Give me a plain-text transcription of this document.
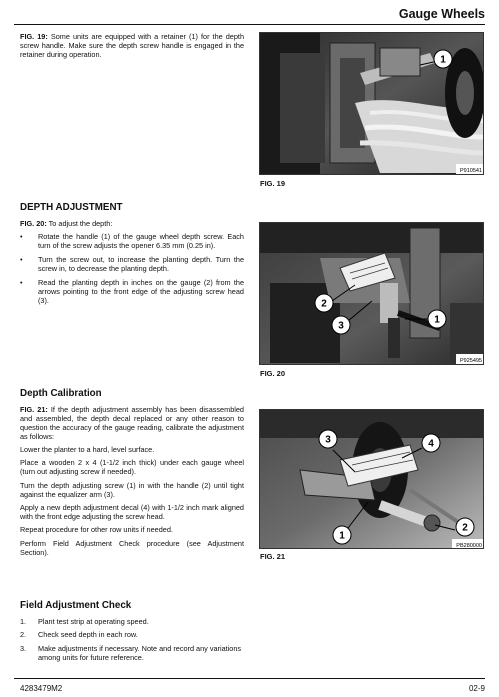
Gauge Wheels

FIG. 19: Some units are equipped with a retainer (1) for the depth screw handle. Make sure the depth screw handle is engaged in the retainer during operation.

DEPTH ADJUSTMENT

FIG. 20: To adjust the depth:

• Rotate the handle (1) of the gauge wheel depth screw. Each turn of the screw adjusts the opener 6.35 mm (0.25 in).
• Turn the screw out, to increase the planting depth. Turn the screw in, to decrease the planting depth.
• Read the planting depth in inches on the gauge (2) from the arrows pointing to the front edge of the adjusting screw head (3).
Depth Calibration

FIG. 21: If the depth adjustment assembly has been disassembled and assembled, the depth decal replaced or any other reason to question the accuracy of the gauge reading, calibrate the adjustment as follows:

Lower the planter to a hard, level surface.

Place a wooden 2 x 4 (1-1/2 inch thick) under each gauge wheel (turn out adjusting screw if needed).

Turn the depth adjusting screw (1) in with the handle (2) until tight against the equalizer arm (3).

Apply a new depth adjustment decal (4) with 1-1/2 inch mark aligned with the front edge adjusting the screw head.

Repeat procedure for other row units if needed.

Perform Field Adjustment Check procedure (see Adjustment Section).

Field Adjustment Check
1. Plant test strip at operating speed.
2. Check seed depth in each row.
3. Make adjustments if necessary. Note and record any variations among units for future reference.
1
P910541
FIG. 19
2
3
1
P925495
FIG. 20
3	4
1
2
PB280000
FIG. 21
4283479M2	02-9
